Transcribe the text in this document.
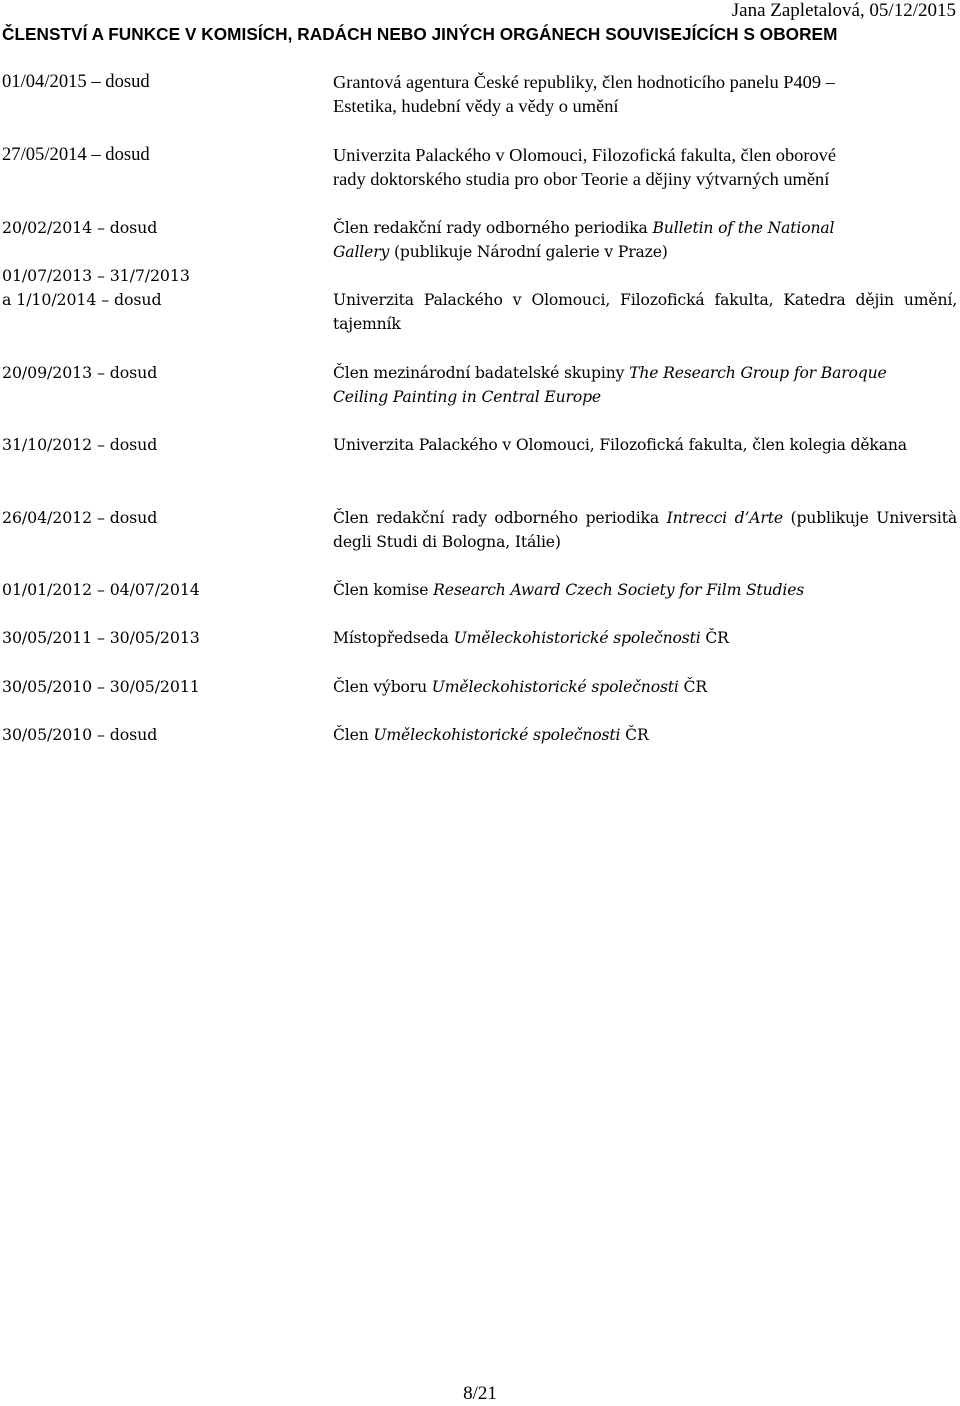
Jana Zapletalová, 05/12/2015
ČLENSTVÍ A FUNKCE V KOMISÍCH, RADÁCH NEBO JINÝCH ORGÁNECH SOUVISEJÍCÍCH S OBOREM
01/04/2015 – dosud	Grantová agentura České republiky, člen hodnoticího panelu P409 –
Estetika, hudební vědy a vědy o umění
27/05/2014 – dosud	Univerzita Palackého v Olomouci, Filozofická fakulta, člen oborové
rady doktorského studia pro obor Teorie a dějiny výtvarných umění
20/02/2014 – dosud	Člen redakční rady odborného periodika Bulletin of the National
Gallery (publikuje Národní galerie v Praze)
01/07/2013 – 31/7/2013
a 1/10/2014 – dosud	Univerzita Palackého v Olomouci, Filozofická fakulta, Katedra dějin umění, tajemník
20/09/2013 – dosud	Člen mezinárodní badatelské skupiny The Research Group for Baroque
Ceiling Painting in Central Europe
31/10/2012 – dosud	Univerzita Palackého v Olomouci, Filozofická fakulta, člen kolegia děkana
26/04/2012 – dosud	Člen redakční rady odborného periodika Intrecci d’Arte (publikuje Università degli Studi di Bologna, Itálie)
01/01/2012 – 04/07/2014	Člen komise Research Award Czech Society for Film Studies
30/05/2011 – 30/05/2013	Místopředseda Uměleckohistorické společnosti ČR
30/05/2010 – 30/05/2011	Člen výboru Uměleckohistorické společnosti ČR
30/05/2010 – dosud	Člen Uměleckohistorické společnosti ČR
8/21
